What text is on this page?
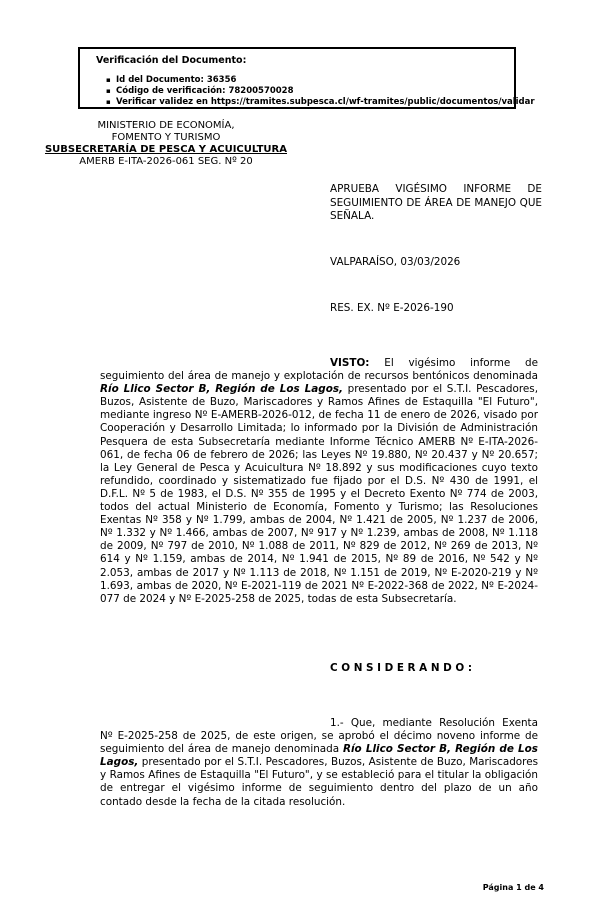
Verificación del Documento:
▪ Id del Documento: 36356
▪ Código de verificación: 78200570028
▪ Verificar validez en https://tramites.subpesca.cl/wf-tramites/public/documentos/validar
MINISTERIO DE ECONOMÍA,
FOMENTO Y TURISMO
SUBSECRETARÍA DE PESCA Y ACUICULTURA
AMERB E-ITA-2026-061 SEG. Nº 20
APRUEBA VIGÉSIMO INFORME DE SEGUIMIENTO DE ÁREA DE MANEJO QUE SEÑALA.
VALPARAÍSO, 03/03/2026
RES. EX. Nº E-2026-190
VISTO: El vigésimo informe de seguimiento del área de manejo y explotación de recursos bentónicos denominada Río Llico Sector B, Región de Los Lagos, presentado por el S.T.I. Pescadores, Buzos, Asistente de Buzo, Mariscadores y Ramos Afines de Estaquilla "El Futuro", mediante ingreso Nº E-AMERB-2026-012, de fecha 11 de enero de 2026, visado por Cooperación y Desarrollo Limitada; lo informado por la División de Administración Pesquera de esta Subsecretaría mediante Informe Técnico AMERB Nº E-ITA-2026-061, de fecha 06 de febrero de 2026; las Leyes Nº 19.880, Nº 20.437 y Nº 20.657; la Ley General de Pesca y Acuicultura Nº 18.892 y sus modificaciones cuyo texto refundido, coordinado y sistematizado fue fijado por el D.S. Nº 430 de 1991, el D.F.L. Nº 5 de 1983, el D.S. Nº 355 de 1995 y el Decreto Exento Nº 774 de 2003, todos del actual Ministerio de Economía, Fomento y Turismo; las Resoluciones Exentas Nº 358 y Nº 1.799, ambas de 2004, Nº 1.421 de 2005, Nº 1.237 de 2006, Nº 1.332 y Nº 1.466, ambas de 2007, Nº 917 y Nº 1.239, ambas de 2008, Nº 1.118 de 2009, Nº 797 de 2010, Nº 1.088 de 2011, Nº 829 de 2012, Nº 269 de 2013, Nº 614 y Nº 1.159, ambas de 2014, Nº 1.941 de 2015, Nº 89 de 2016, Nº 542 y Nº 2.053, ambas de 2017 y Nº 1.113 de 2018, Nº 1.151 de 2019, Nº E-2020-219 y Nº 1.693, ambas de 2020, Nº E-2021-119 de 2021 Nº E-2022-368 de 2022, Nº E-2024-077 de 2024 y Nº E-2025-258 de 2025, todas de esta Subsecretaría.
C O N S I D E R A N D O :
1.- Que, mediante Resolución Exenta Nº E-2025-258 de 2025, de este origen, se aprobó el décimo noveno informe de seguimiento del área de manejo denominada Río Llico Sector B, Región de Los Lagos, presentado por el S.T.I. Pescadores, Buzos, Asistente de Buzo, Mariscadores y Ramos Afines de Estaquilla "El Futuro", y se estableció para el titular la obligación de entregar el vigésimo informe de seguimiento dentro del plazo de un año contado desde la fecha de la citada resolución.
Página 1 de 4
